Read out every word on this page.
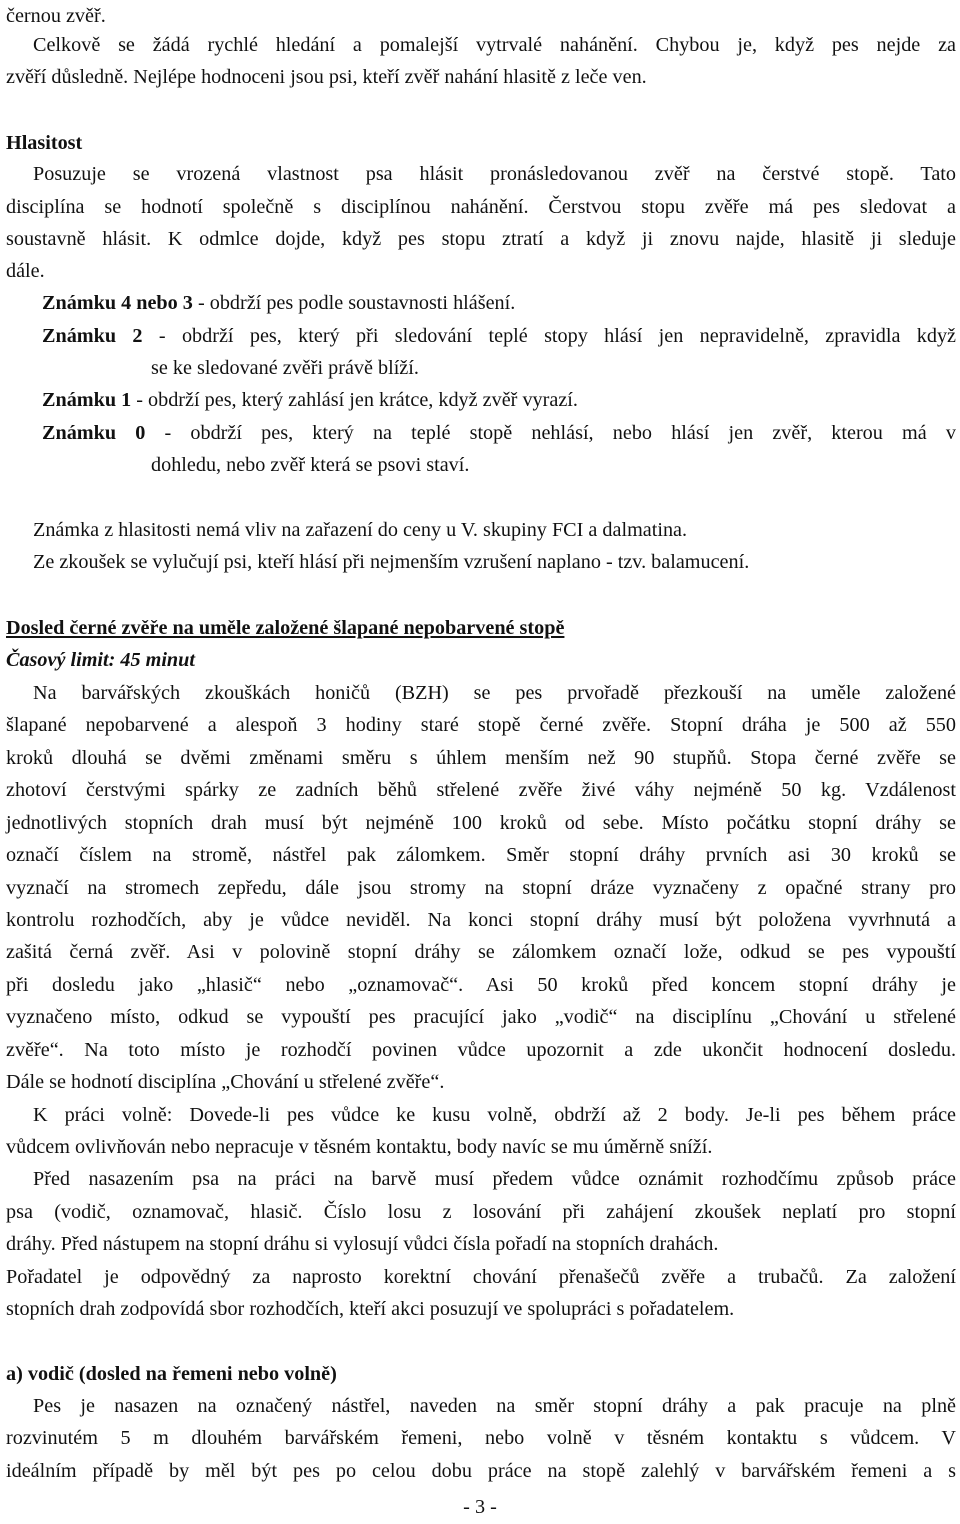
černou zvěř.
Celkově se žádá rychlé hledání a pomalejší vytrvalé nahánění. Chybou je, když pes nejde za
zvěří důsledně. Nejlépe hodnoceni jsou psi, kteří zvěř nahání hlasitě z leče ven.
Hlasitost
Posuzuje se vrozená vlastnost psa hlásit pronásledovanou zvěř na čerstvé stopě. Tato
disciplína se hodnotí společně s disciplínou nahánění. Čerstvou stopu zvěře má pes sledovat a
soustavně hlásit. K odmlce dojde, když pes stopu ztratí a když ji znovu najde, hlasitě ji sleduje
dále.
Známku 4 nebo 3 - obdrží pes podle soustavnosti hlášení.
Známku 2 - obdrží pes, který při sledování teplé stopy hlásí jen nepravidelně, zpravidla když
se ke sledované zvěři právě blíží.
Známku 1 - obdrží pes, který zahlásí jen krátce, když zvěř vyrazí.
Známku 0 - obdrží pes, který na teplé stopě nehlásí, nebo hlásí jen zvěř, kterou má v
dohledu, nebo zvěř která se psovi staví.
Známka z hlasitosti nemá vliv na zařazení do ceny u V. skupiny FCI a dalmatina.
Ze zkoušek se vylučují psi, kteří hlásí při nejmenším vzrušení naplano - tzv. balamucení.
Dosled černé zvěře na uměle založené šlapané nepobarvené stopě
Časový limit: 45 minut
Na barvářských zkouškách honičů (BZH) se pes prvořadě přezkouší na uměle založené
šlapané nepobarvené a alespoň 3 hodiny staré stopě černé zvěře. Stopní dráha je 500 až 550
kroků dlouhá se dvěmi změnami směru s úhlem menším než 90 stupňů. Stopa černé zvěře se
zhotoví čerstvými spárky ze zadních běhů střelené zvěře živé váhy nejméně 50 kg. Vzdálenost
jednotlivých stopních drah musí být nejméně 100 kroků od sebe. Místo počátku stopní dráhy se
označí číslem na stromě, nástřel pak zálomkem. Směr stopní dráhy prvních asi 30 kroků se
vyznačí na stromech zepředu, dále jsou stromy na stopní dráze vyznačeny z opačné strany pro
kontrolu rozhodčích, aby je vůdce neviděl. Na konci stopní dráhy musí být položena vyvrhnutá a
zašitá černá zvěř. Asi v polovině stopní dráhy se zálomkem označí lože, odkud se pes vypouští
při dosledu jako „hlasič“ nebo „oznamovač“. Asi 50 kroků před koncem stopní dráhy je
vyznačeno místo, odkud se vypouští pes pracující jako „vodič“ na disciplínu „Chování u střelené
zvěře“. Na toto místo je rozhodčí povinen vůdce upozornit a zde ukončit hodnocení dosledu.
Dále se hodnotí disciplína „Chování u střelené zvěře“.
K práci volně: Dovede-li pes vůdce ke kusu volně, obdrží až 2 body. Je-li pes během práce
vůdcem ovlivňován nebo nepracuje v těsném kontaktu, body navíc se mu úměrně sníží.
Před nasazením psa na práci na barvě musí předem vůdce oznámit rozhodčímu způsob práce
psa (vodič, oznamovač, hlasič. Číslo losu z losování při zahájení zkoušek neplatí pro stopní
dráhy. Před nástupem na stopní dráhu si vylosují vůdci čísla pořadí na stopních drahách.
Pořadatel je odpovědný za naprosto korektní chování přenašečů zvěře a trubačů. Za založení
stopních drah zodpovídá sbor rozhodčích, kteří akci posuzují ve spolupráci s pořadatelem.
a) vodič (dosled na řemeni nebo volně)
Pes je nasazen na označený nástřel, naveden na směr stopní dráhy a pak pracuje na plně
rozvinutém 5 m dlouhém barvářském řemeni, nebo volně v těsném kontaktu s vůdcem. V
ideálním případě by měl být pes po celou dobu práce na stopě zalehlý v barvářském řemeni a s
- 3 -
